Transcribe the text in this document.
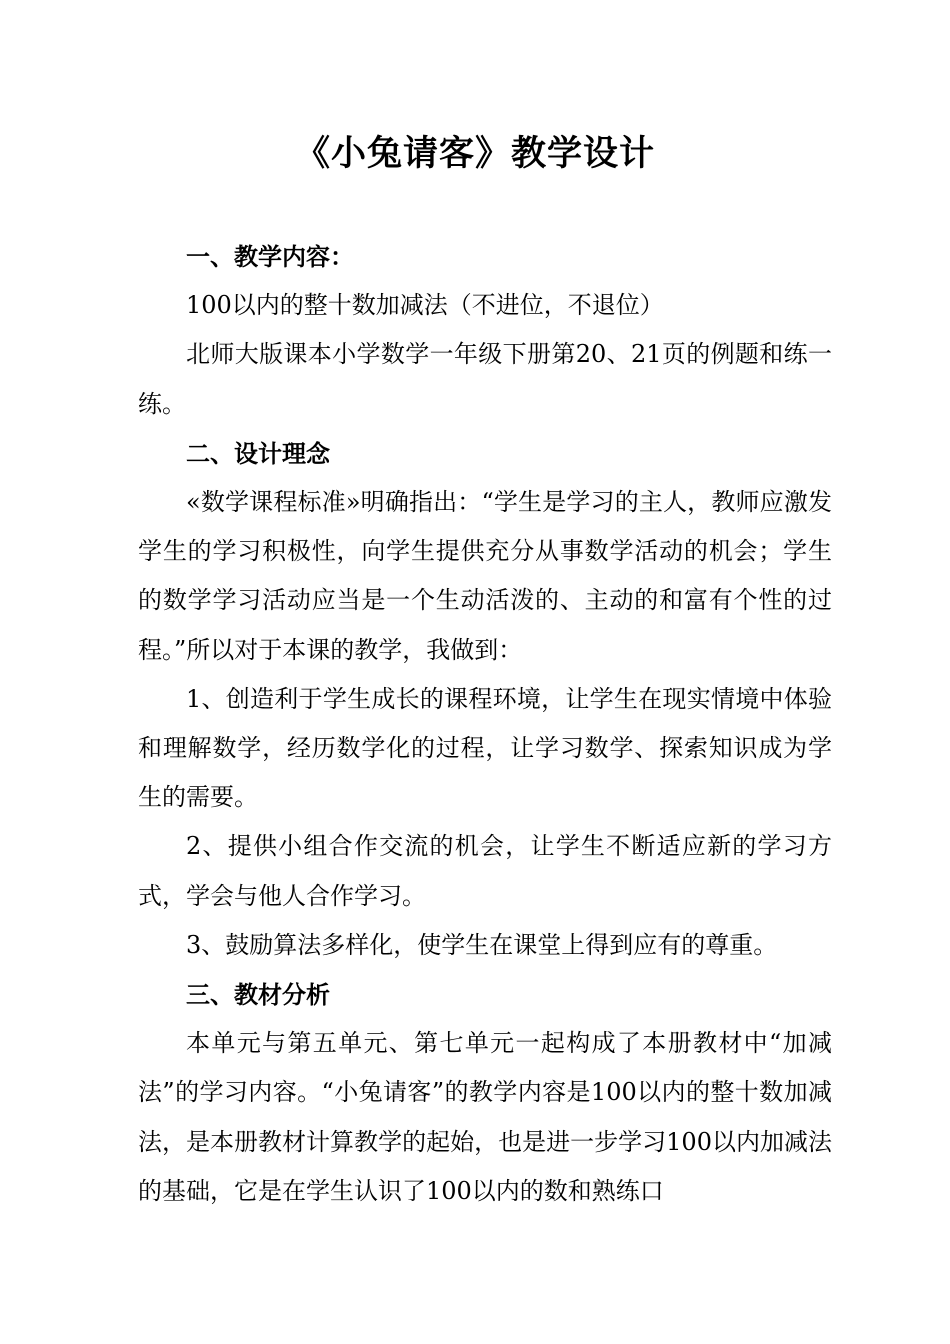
《小兔请客》教学设计

一、教学内容：

100以内的整十数加减法（不进位，不退位）

北师大版课本小学数学一年级下册第20、21页的例题和练一练。

二、设计理念

«数学课程标准»明确指出：“学生是学习的主人，教师应激发学生的学习积极性，向学生提供充分从事数学活动的机会；学生的数学学习活动应当是一个生动活泼的、主动的和富有个性的过程。”所以对于本课的教学，我做到：

1、创造利于学生成长的课程环境，让学生在现实情境中体验和理解数学，经历数学化的过程，让学习数学、探索知识成为学生的需要。

2、提供小组合作交流的机会，让学生不断适应新的学习方式，学会与他人合作学习。

3、鼓励算法多样化，使学生在课堂上得到应有的尊重。

三、教材分析

本单元与第五单元、第七单元一起构成了本册教材中“加减法”的学习内容。“小兔请客”的教学内容是100以内的整十数加减法，是本册教材计算教学的起始，也是进一步学习100以内加减法的基础，它是在学生认识了100以内的数和熟练口
